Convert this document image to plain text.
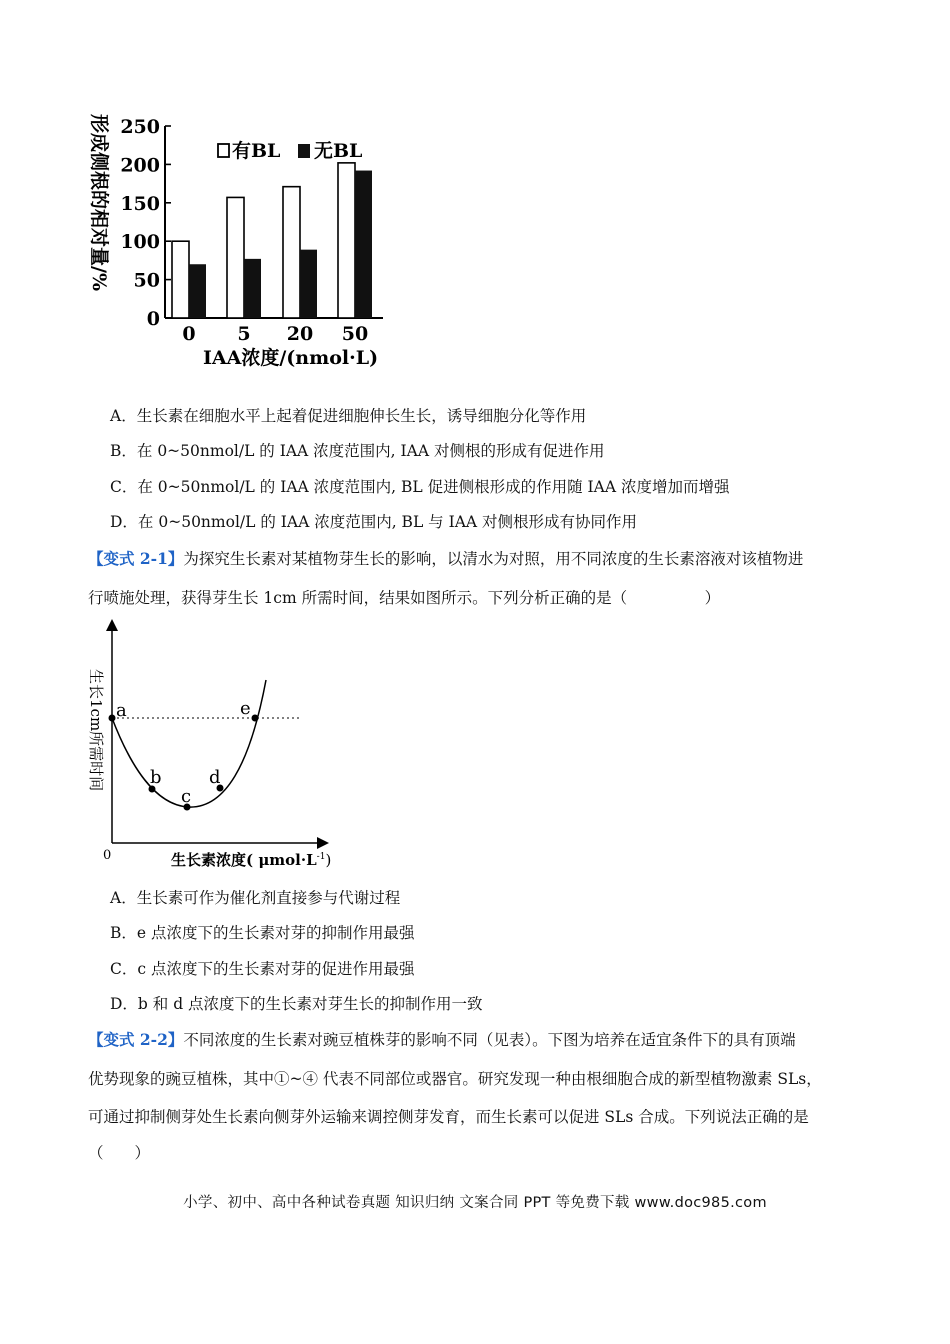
形成侧根的相对量/% 250
200
150
100
50
0
0 5 20 50
有BL 无BL
IAA浓度/(nmol·L)
A．生长素在细胞水平上起着促进细胞伸长生长，诱导细胞分化等作用
B．在 0~50nmol/L 的 IAA 浓度范围内, IAA 对侧根的形成有促进作用
C．在 0~50nmol/L 的 IAA 浓度范围内, BL 促进侧根形成的作用随 IAA 浓度增加而增强
D．在 0~50nmol/L 的 IAA 浓度范围内, BL 与 IAA 对侧根形成有协同作用
【变式 2-1】为探究生长素对某植物芽生长的影响，以清水为对照，用不同浓度的生长素溶液对该植物进
行喷施处理，获得芽生长 1cm 所需时间，结果如图所示。下列分析正确的是（　　　　　）
0
生长1cm所需时间 a
b
c
d
e
生长素浓度( $\mu mol\cdot L^{-1}$)
A．生长素可作为催化剂直接参与代谢过程
B．e 点浓度下的生长素对芽的抑制作用最强
C．c 点浓度下的生长素对芽的促进作用最强
D．b 和 d 点浓度下的生长素对芽生长的抑制作用一致
【变式 2-2】不同浓度的生长素对豌豆植株芽的影响不同（见表）。下图为培养在适宜条件下的具有顶端
优势现象的豌豆植株，其中①~④ 代表不同部位或器官。研究发现一种由根细胞合成的新型植物激素 SLs，
可通过抑制侧芽处生长素向侧芽外运输来调控侧芽发育，而生长素可以促进 SLs 合成。下列说法正确的是
（　　）
小学、初中、高中各种试卷真题 知识归纳 文案合同 PPT 等免费下载 www.doc985.com
